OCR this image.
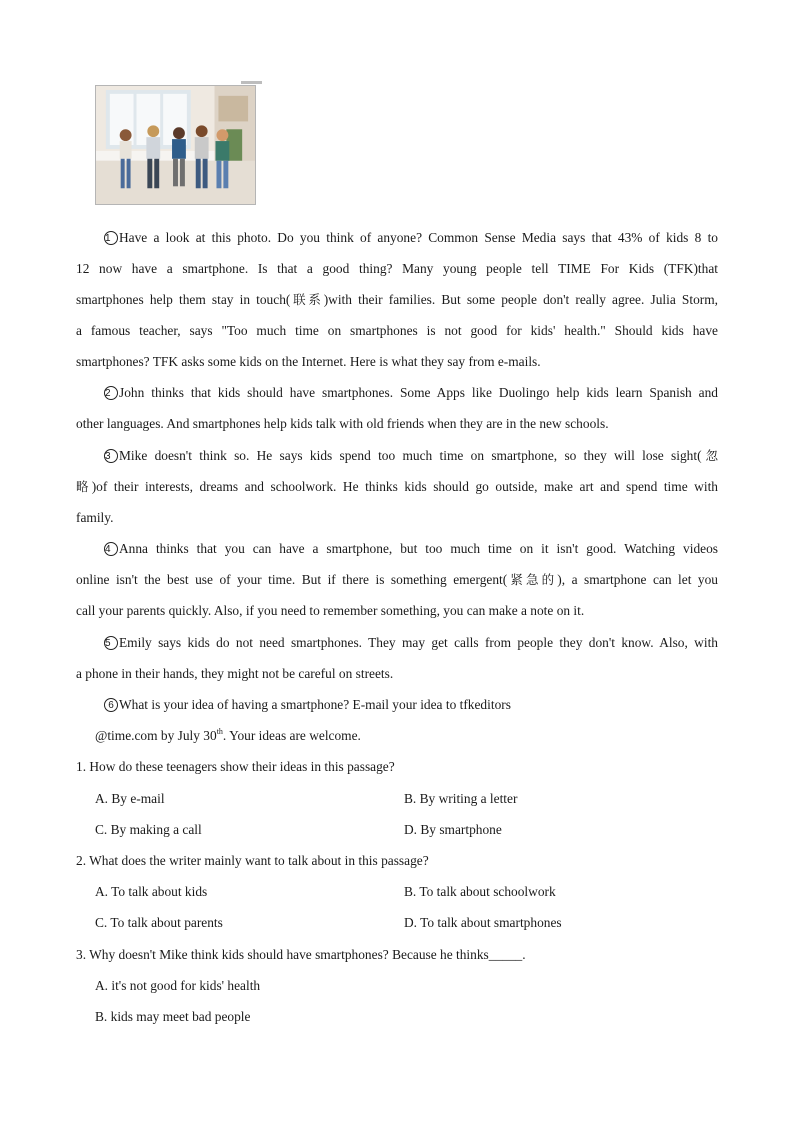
1 Have a look at this photo. Do you think of anyone? Common Sense Media says that 43% of kids 8 to
12 now have a smartphone. Is that a good thing? Many young people tell TIME For Kids (TFK)that
smartphones help them stay in touch(联系)with their families. But some people don't really agree. Julia Storm,
a famous teacher, says "Too much time on smartphones is not good for kids' health." Should kids have
smartphones? TFK asks some kids on the Internet. Here is what they say from e-mails.
2 John thinks that kids should have smartphones. Some Apps like Duolingo help kids learn Spanish and
other languages. And smartphones help kids talk with old friends when they are in the new schools.
3 Mike doesn't think so. He says kids spend too much time on smartphone, so they will lose sight(忽
略)of their interests, dreams and schoolwork. He thinks kids should go outside, make art and spend time with
family.
4 Anna thinks that you can have a smartphone, but too much time on it isn't good. Watching videos
online isn't the best use of your time. But if there is something emergent(紧急的), a smartphone can let you
call your parents quickly. Also, if you need to remember something, you can make a note on it.
5 Emily says kids do not need smartphones. They may get calls from people they don't know. Also, with
a phone in their hands, they might not be careful on streets.
6 What is your idea of having a smartphone? E-mail your idea to tfkeditors
@time.com by July 30th. Your ideas are welcome.
1. How do these teenagers show their ideas in this passage?
A. By e-mail	B. By writing a letter
C. By making a call	D. By smartphone
2. What does the writer mainly want to talk about in this passage?
A. To talk about kids	B. To talk about schoolwork
C. To talk about parents	D. To talk about smartphones
3. Why doesn't Mike think kids should have smartphones? Because he thinks_____.
A. it's not good for kids' health
B. kids may meet bad people
